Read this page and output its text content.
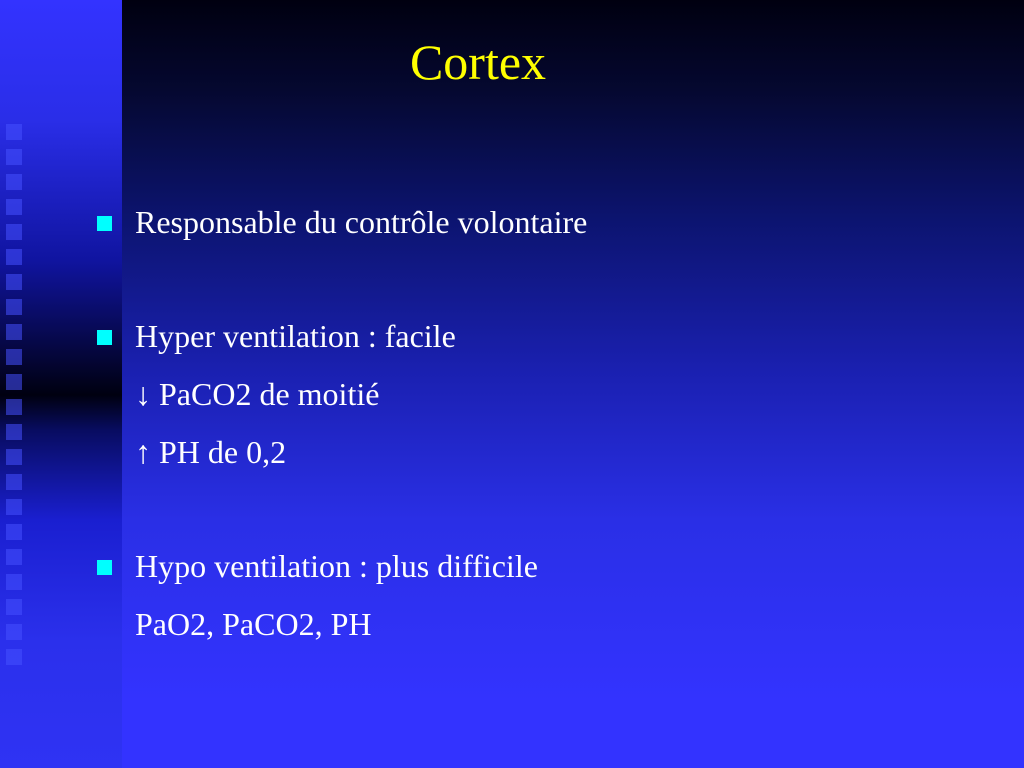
Cortex
Responsable du contrôle volontaire
Hyper ventilation : facile
↓ PaCO2 de moitié
↑ PH de 0,2
Hypo ventilation : plus difficile
PaO2, PaCO2, PH
